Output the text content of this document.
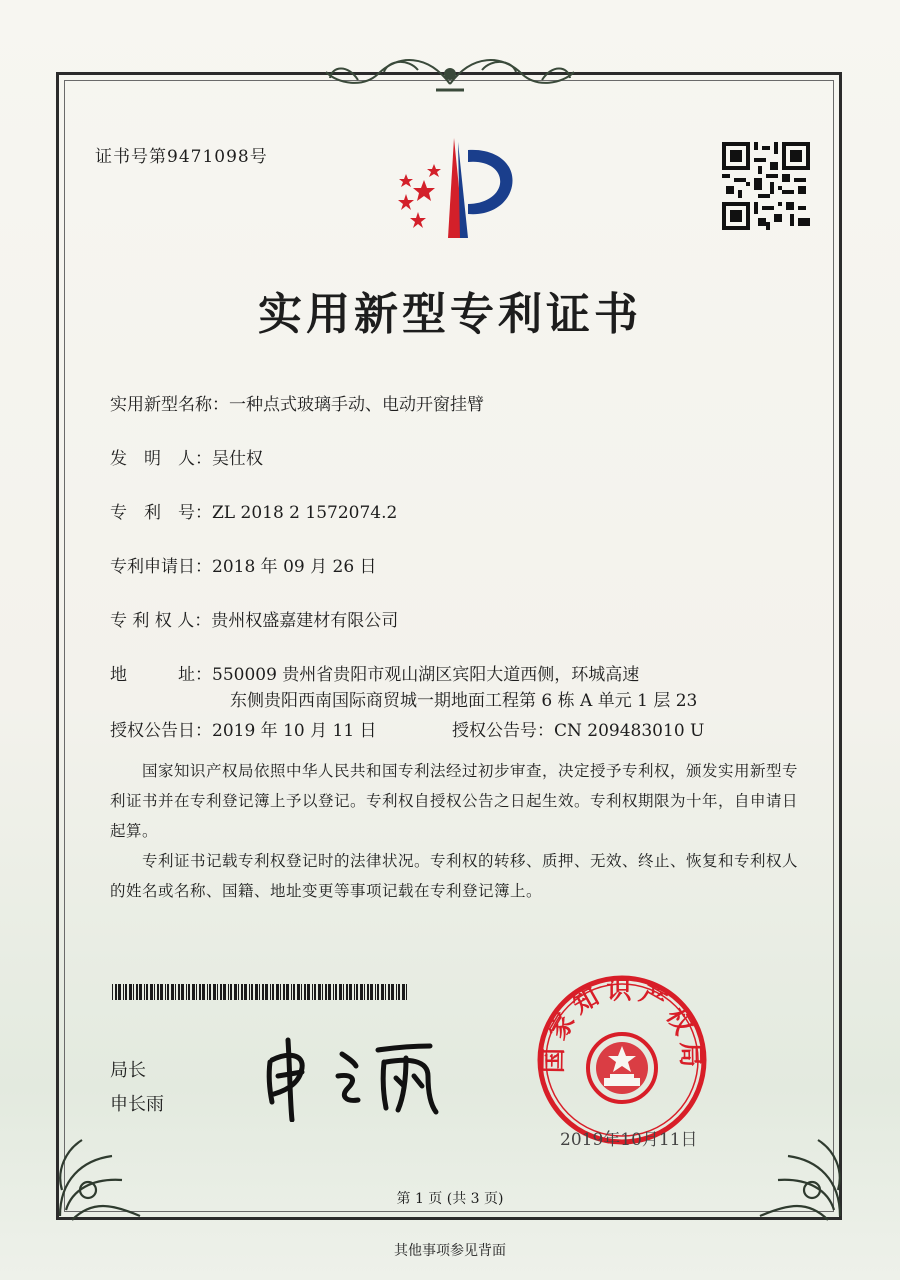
证书号第9471098号
实用新型专利证书
实用新型名称：一种点式玻璃手动、电动开窗挂臂
发　明　人：吴仕权
专　利　号：ZL 2018 2 1572074.2
专利申请日：2018 年 09 月 26 日
专 利 权 人：贵州权盛嘉建材有限公司
地　　　址：550009 贵州省贵阳市观山湖区宾阳大道西侧，环城高速
东侧贵阳西南国际商贸城一期地面工程第 6 栋 A 单元 1 层 23
授权公告日：2019 年 10 月 11 日	授权公告号：CN 209483010 U
国家知识产权局依照中华人民共和国专利法经过初步审查，决定授予专利权，颁发实用新型专利证书并在专利登记簿上予以登记。专利权自授权公告之日起生效。专利权期限为十年，自申请日起算。
专利证书记载专利权登记时的法律状况。专利权的转移、质押、无效、终止、恢复和专利权人的姓名或名称、国籍、地址变更等事项记载在专利登记簿上。
局长
申长雨
国家知识产权局
2019年10月11日
第 1 页 (共 3 页)
其他事项参见背面
